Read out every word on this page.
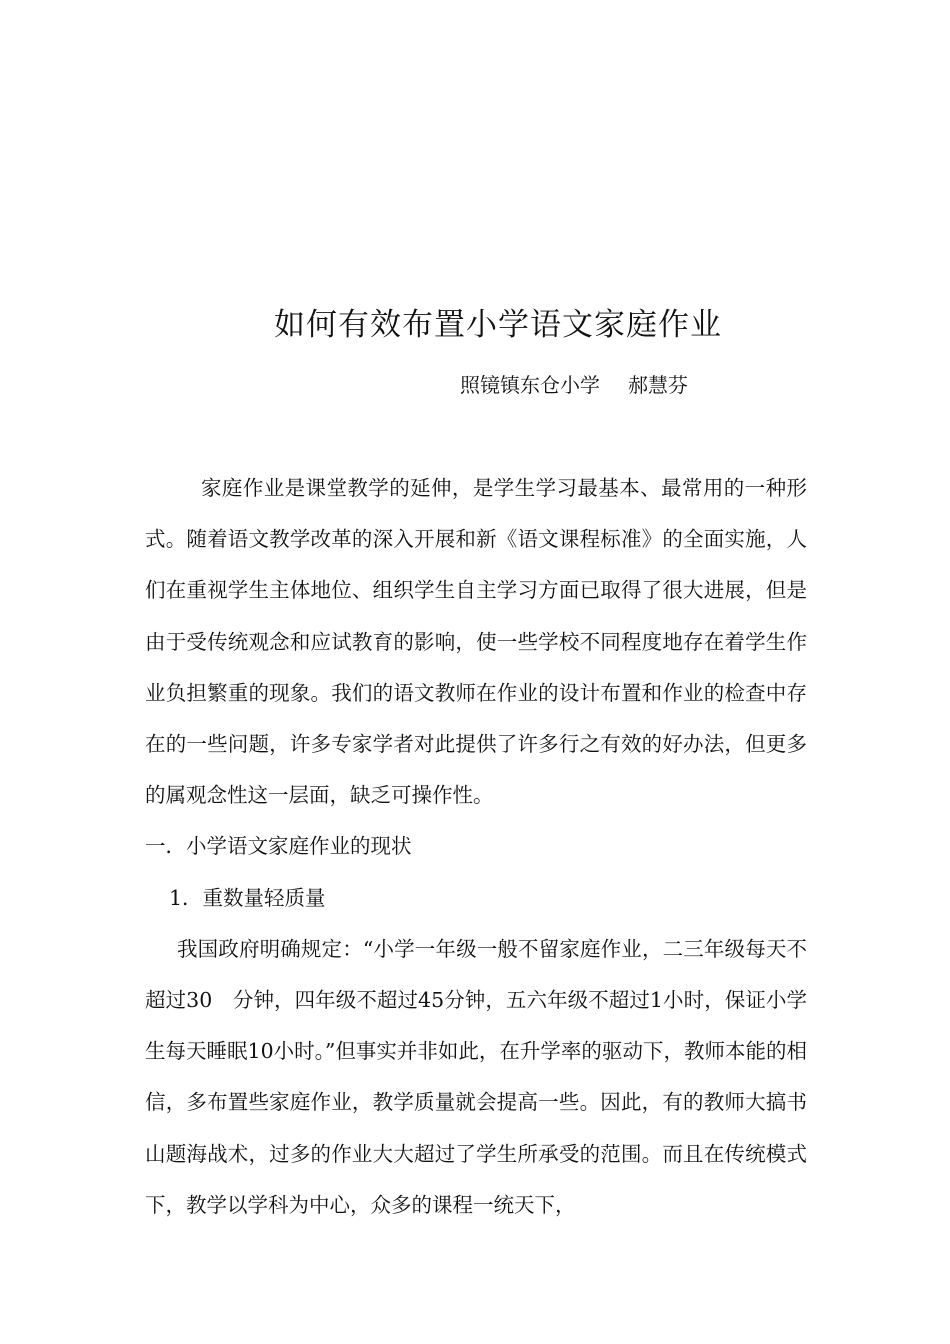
如何有效布置小学语文家庭作业
照镜镇东仓小学 郝慧芬

家庭作业是课堂教学的延伸，是学生学习最基本、最常用的一种形式。随着语文教学改革的深入开展和新《语文课程标准》的全面实施，人们在重视学生主体地位、组织学生自主学习方面已取得了很大进展，但是由于受传统观念和应试教育的影响，使一些学校不同程度地存在着学生作业负担繁重的现象。我们的语文教师在作业的设计布置和作业的检查中存在的一些问题，许多专家学者对此提供了许多行之有效的好办法，但更多的属观念性这一层面，缺乏可操作性。

一．小学语文家庭作业的现状

1．重数量轻质量

我国政府明确规定：“小学一年级一般不留家庭作业，二三年级每天不超过30　分钟，四年级不超过45分钟，五六年级不超过1小时，保证小学生每天睡眠10小时。”但事实并非如此，在升学率的驱动下，教师本能的相信，多布置些家庭作业，教学质量就会提高一些。因此，有的教师大搞书山题海战术，过多的作业大大超过了学生所承受的范围。而且在传统模式下，教学以学科为中心，众多的课程一统天下，
